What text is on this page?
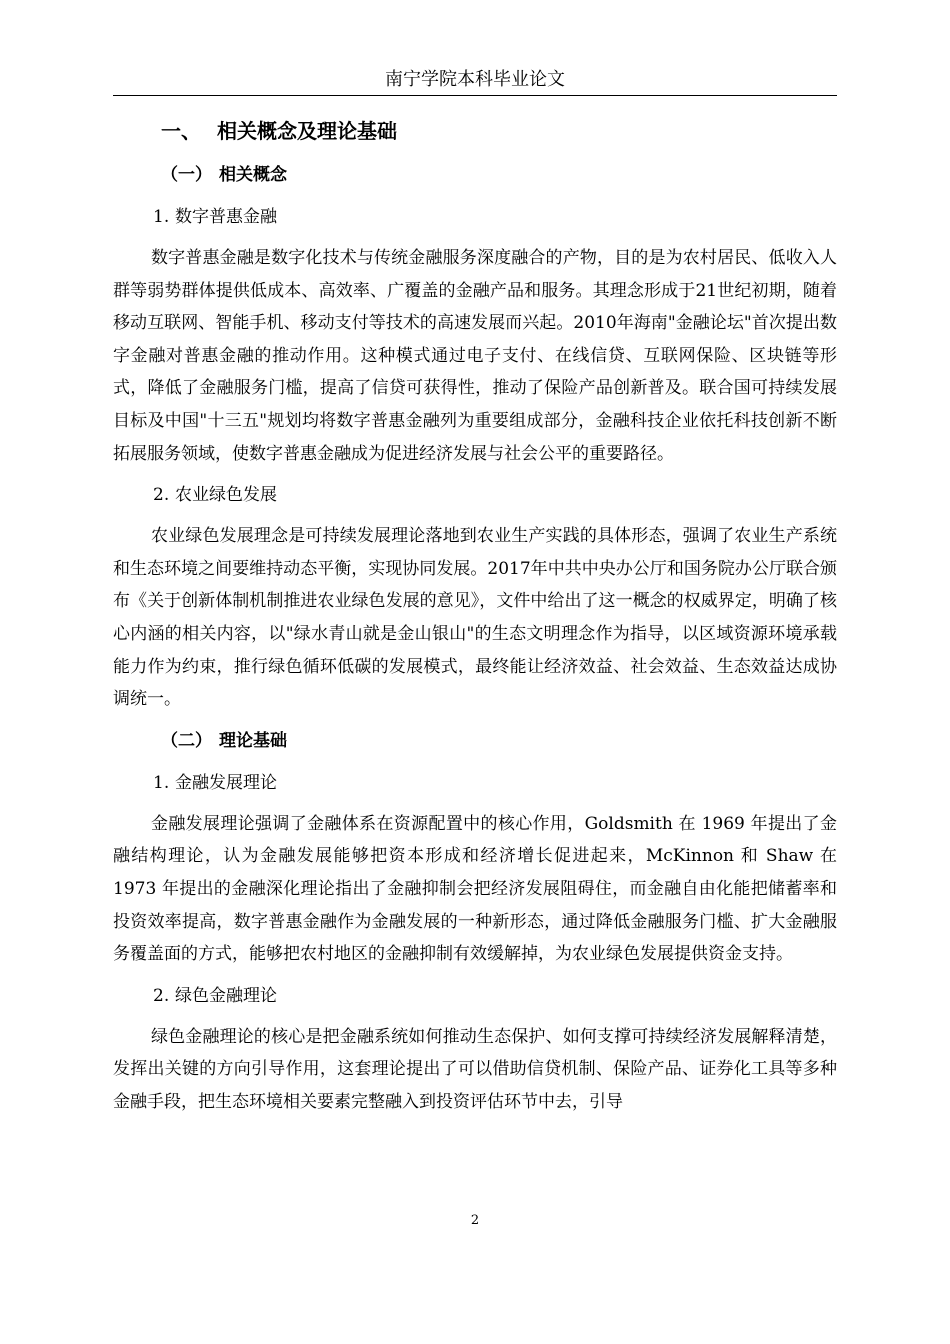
南宁学院本科毕业论文
一、 相关概念及理论基础
（一） 相关概念
1. 数字普惠金融

数字普惠金融是数字化技术与传统金融服务深度融合的产物，目的是为农村居民、低收入人群等弱势群体提供低成本、高效率、广覆盖的金融产品和服务。其理念形成于21世纪初期，随着移动互联网、智能手机、移动支付等技术的高速发展而兴起。2010年海南"金融论坛"首次提出数字金融对普惠金融的推动作用。这种模式通过电子支付、在线信贷、互联网保险、区块链等形式，降低了金融服务门槛，提高了信贷可获得性，推动了保险产品创新普及。联合国可持续发展目标及中国"十三五"规划均将数字普惠金融列为重要组成部分，金融科技企业依托科技创新不断拓展服务领域，使数字普惠金融成为促进经济发展与社会公平的重要路径。

2. 农业绿色发展

农业绿色发展理念是可持续发展理论落地到农业生产实践的具体形态，强调了农业生产系统和生态环境之间要维持动态平衡，实现协同发展。2017年中共中央办公厅和国务院办公厅联合颁布《关于创新体制机制推进农业绿色发展的意见》，文件中给出了这一概念的权威界定，明确了核心内涵的相关内容，以"绿水青山就是金山银山"的生态文明理念作为指导，以区域资源环境承载能力作为约束，推行绿色循环低碳的发展模式，最终能让经济效益、社会效益、生态效益达成协调统一。

（二） 理论基础
1. 金融发展理论

金融发展理论强调了金融体系在资源配置中的核心作用，Goldsmith 在 1969 年提出了金融结构理论，认为金融发展能够把资本形成和经济增长促进起来，McKinnon 和 Shaw 在 1973 年提出的金融深化理论指出了金融抑制会把经济发展阻碍住，而金融自由化能把储蓄率和投资效率提高，数字普惠金融作为金融发展的一种新形态，通过降低金融服务门槛、扩大金融服务覆盖面的方式，能够把农村地区的金融抑制有效缓解掉，为农业绿色发展提供资金支持。

2. 绿色金融理论

绿色金融理论的核心是把金融系统如何推动生态保护、如何支撑可持续经济发展解释清楚，发挥出关键的方向引导作用，这套理论提出了可以借助信贷机制、保险产品、证券化工具等多种金融手段，把生态环境相关要素完整融入到投资评估环节中去，引导

2
